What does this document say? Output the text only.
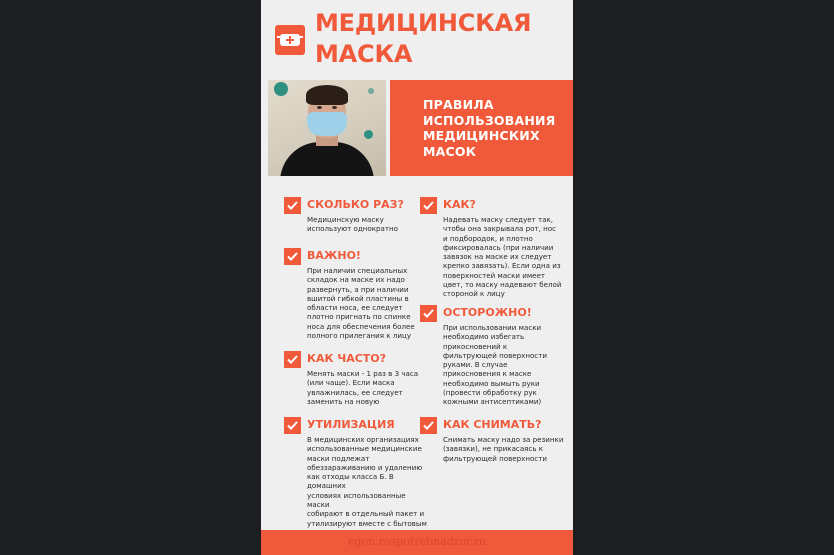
МЕДИЦИНСКАЯ
МАСКА
ПРАВИЛА
ИСПОЛЬЗОВАНИЯ
МЕДИЦИНСКИХ
МАСОК
СКОЛЬКО РАЗ?
Медицинскую маску
используют однократно
ВАЖНО!
При наличии специальных
складок на маске их надо
развернуть, а при наличии
вшитой гибкой пластины в
области носа, ее следует
плотно пригнать по спинке
носа для обеспечения более
полного прилегания к лицу
КАК ЧАСТО?
Менять маски - 1 раз в 3 часа
(или чаще). Если маска
увлажнилась, ее следует
заменить на новую
УТИЛИЗАЦИЯ
В медицинских организациях
использованные медицинские
маски подлежат
обеззараживанию и удалению
как отходы класса Б. В домашних
условиях использованные маски
собирают в отдельный пакет и
утилизируют вместе с бытовым

КАК?
Надевать маску следует так,
чтобы она закрывала рот, нос
и подбородок, и плотно
фиксировалась (при наличии
завязок на маске их следует
крепко завязать). Если одна из
поверхностей маски имеет
цвет, то маску надевают белой
стороной к лицу
ОСТОРОЖНО!
При использовании маски
необходимо избегать
прикосновений к
фильтрующей поверхности
руками. В случае
прикосновения к маске
необходимо вымыть руки
(провести обработку рук
кожными антисептиками)
КАК СНИМАТЬ?
Снимать маску надо за резинки
(завязки), не прикасаясь к
фильтрующей поверхности
egon.rospotrebnadzor.ru
